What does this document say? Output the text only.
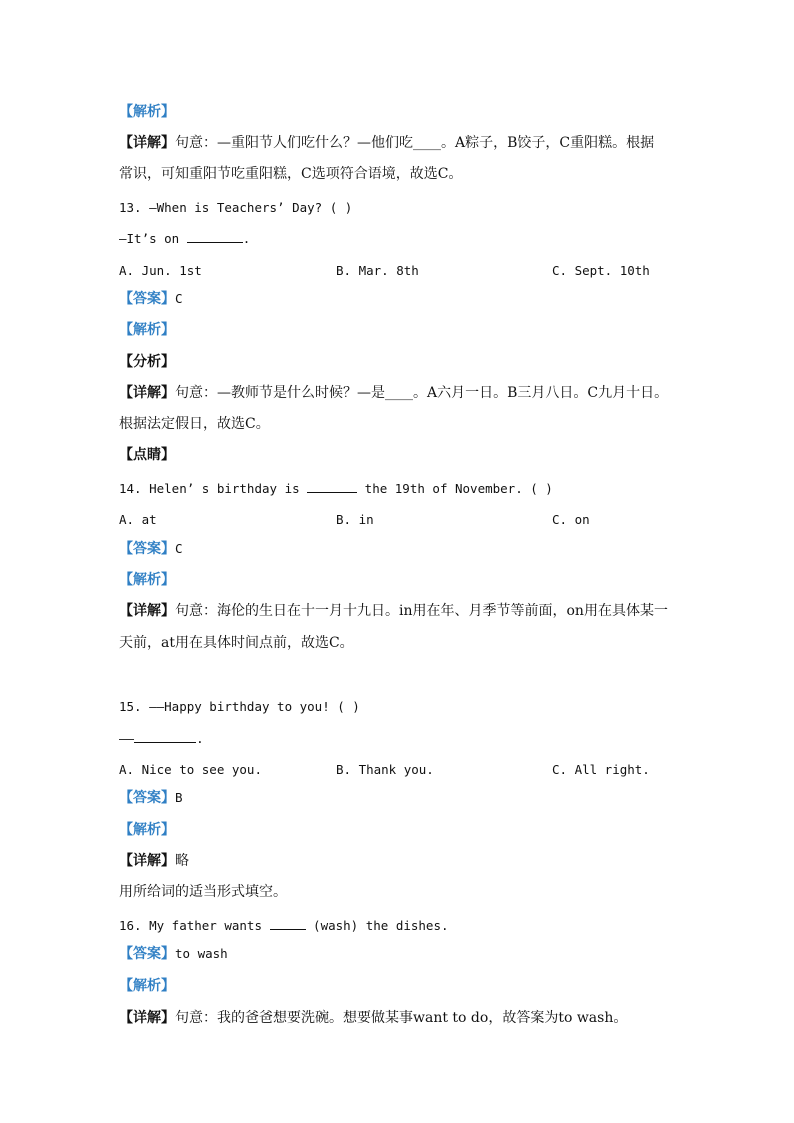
【解析】
【详解】句意：—重阳节人们吃什么？—他们吃____。A粽子，B饺子，C重阳糕。根据
常识，可知重阳节吃重阳糕，C选项符合语境，故选C。
13. —When is Teachers’ Day? ( )
—It’s on	.
A. Jun. 1st	B. Mar. 8th	C. Sept. 10th
【答案】C
【解析】
【分析】
【详解】句意：—教师节是什么时候？—是____。A六月一日。B三月八日。C九月十日。
根据法定假日，故选C。
【点睛】
14. Helen’ s birthday is	the 19th of November. ( )
A. at	B. in	C. on
【答案】C
【解析】
【详解】句意：海伦的生日在十一月十九日。in用在年、月季节等前面，on用在具体某一
天前，at用在具体时间点前，故选C。
15. ——Happy birthday to you! ( )
——	.
A. Nice to see you.	B. Thank you.	C. All right.
【答案】B
【解析】
【详解】略
用所给词的适当形式填空。
16. My father wants	(wash) the dishes.
【答案】to wash
【解析】
【详解】句意：我的爸爸想要洗碗。想要做某事want to do，故答案为to wash。
